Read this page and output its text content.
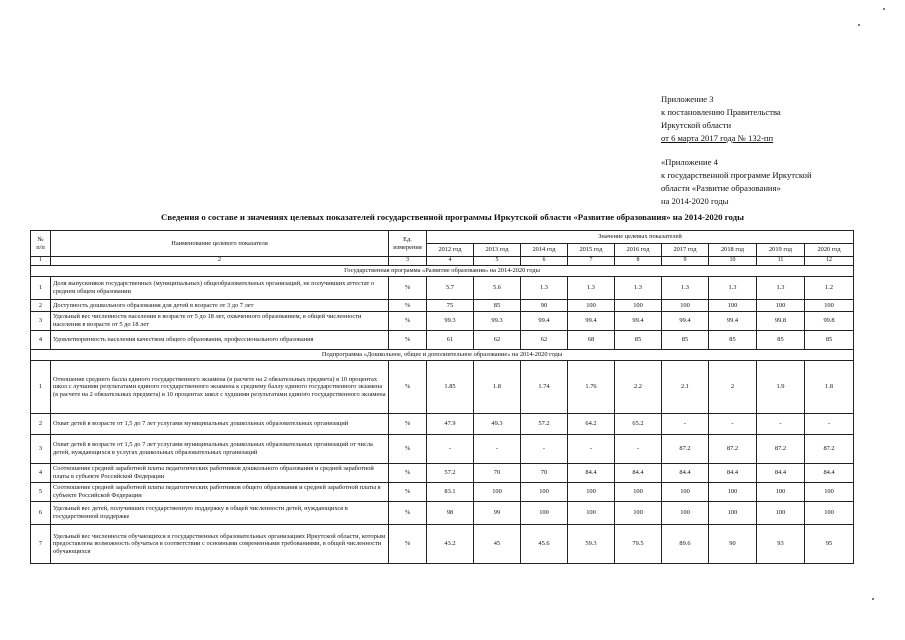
Приложение 3
к постановлению Правительства
Иркутской области
от 6 марта 2017 года № 132-пп
«Приложение 4
к государственной программе Иркутской
области «Развитие образования»
на 2014-2020 годы
Сведения о составе и значениях целевых показателей государственной программы Иркутской области «Развитие образования» на 2014-2020 годы
№
п/п	Наименование целевого показателя	Ед.
измерения	Значение целевых показателей								
			2012 год	2013 год	2014 год	2015 год	2016 год	2017 год	2018 год	2019 год	2020 год
1	2	3	4	5	6	7	8	9	10	11	12
Государственная программа «Развитие образования» на 2014-2020 годы											
1	Доля выпускников государственных (муниципальных) общеобразовательных организаций, не получивших аттестат о среднем общем образовании	%	5.7	5.6	1.3	1.3	1.3	1.3	1.3	1.3	1.2
2	Доступность дошкольного образования для детей в возрасте от 3 до 7 лет	%	75	85	90	100	100	100	100	100	100
3	Удельный вес численности населения в возрасте от 5 до 18 лет, охваченного образованием, в общей численности населения в возрасте от 5 до 18 лет	%	99.3	99.3	99.4	99.4	99.4	99.4	99.4	99.8	99.8
4	Удовлетворенность населения качеством общего образования, профессионального образования	%	61	62	62	68	85	85	85	85	85
Подпрограмма «Дошкольное, общее и дополнительное образование» на 2014-2020 годы											
1	Отношение среднего балла единого государственного экзамена (в расчете на 2 обязательных предмета) в 10 процентах школ с лучшими результатами единого государственного экзамена к среднему баллу единого государственного экзамена (в расчете на 2 обязательных предмета) в 10 процентах школ с худшими результатами единого государственного экзамена	%	1.85	1.8	1.74	1.76	2.2	2.1	2	1.9	1.8
2	Охват детей в возрасте от 1,5 до 7 лет услугами муниципальных дошкольных образовательных организаций	%	47.9	49.3	57.2	64.2	65.2	-	-	-	-
3	Охват детей в возрасте от 1,5 до 7 лет услугами муниципальных дошкольных образовательных организаций от числа детей, нуждающихся в услугах дошкольных образовательных организаций	%	-	-	-	-	-	87.2	87.2	87.2	87.2
4	Соотношение средней заработной платы педагогических работников дошкольного образования и средней заработной платы в субъекте Российской Федерации	%	57.2	70	70	84.4	84.4	84.4	84.4	84.4	84.4
5	Соотношение средней заработной платы педагогических работников общего образования и средней заработной платы в субъекте Российской Федерации	%	83.1	100	100	100	100	100	100	100	100
6	Удельный вес детей, получивших государственную поддержку в общей численности детей, нуждающихся в государственной поддержке	%	98	99	100	100	100	100	100	100	100
7	Удельный вес численности обучающихся в государственных образовательных организациях Иркутской области, которым предоставлена возможность обучаться в соответствии с основными современными требованиями, в общей численности обучающихся	%	43.2	45	45.6	59.3	79.5	89.6	90	93	95
